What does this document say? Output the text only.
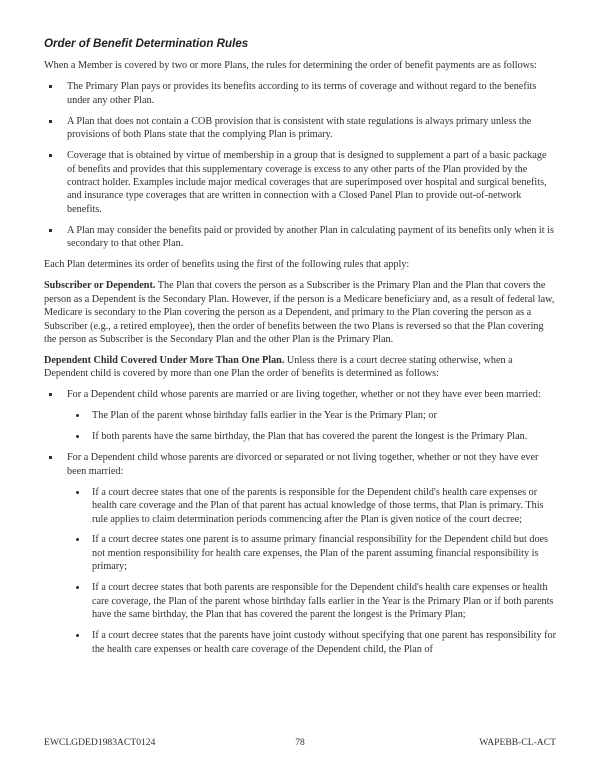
Order of Benefit Determination Rules

When a Member is covered by two or more Plans, the rules for determining the order of benefit payments are as follows:

▪ The Primary Plan pays or provides its benefits according to its terms of coverage and without regard to the benefits under any other Plan.
▪ A Plan that does not contain a COB provision that is consistent with state regulations is always primary unless the provisions of both Plans state that the complying Plan is primary.
▪ Coverage that is obtained by virtue of membership in a group that is designed to supplement a part of a basic package of benefits and provides that this supplementary coverage is excess to any other parts of the Plan provided by the contract holder. Examples include major medical coverages that are superimposed over hospital and surgical benefits, and insurance type coverages that are written in connection with a Closed Panel Plan to provide out-of-network benefits.
▪ A Plan may consider the benefits paid or provided by another Plan in calculating payment of its benefits only when it is secondary to that other Plan.

Each Plan determines its order of benefits using the first of the following rules that apply:

Subscriber or Dependent. The Plan that covers the person as a Subscriber is the Primary Plan and the Plan that covers the person as a Dependent is the Secondary Plan. However, if the person is a Medicare beneficiary and, as a result of federal law, Medicare is secondary to the Plan covering the person as a Dependent, and primary to the Plan covering the person as a Subscriber (e.g., a retired employee), then the order of benefits between the two Plans is reversed so that the Plan covering the person as Subscriber is the Secondary Plan and the other Plan is the Primary Plan.

Dependent Child Covered Under More Than One Plan. Unless there is a court decree stating otherwise, when a Dependent child is covered by more than one Plan the order of benefits is determined as follows:

▪ For a Dependent child whose parents are married or are living together, whether or not they have ever been married:
• The Plan of the parent whose birthday falls earlier in the Year is the Primary Plan; or
• If both parents have the same birthday, the Plan that has covered the parent the longest is the Primary Plan.
▪ For a Dependent child whose parents are divorced or separated or not living together, whether or not they have ever been married:
• If a court decree states that one of the parents is responsible for the Dependent child's health care expenses or health care coverage and the Plan of that parent has actual knowledge of those terms, that Plan is primary. This rule applies to claim determination periods commencing after the Plan is given notice of the court decree;
• If a court decree states one parent is to assume primary financial responsibility for the Dependent child but does not mention responsibility for health care expenses, the Plan of the parent assuming financial responsibility is primary;
• If a court decree states that both parents are responsible for the Dependent child's health care expenses or health care coverage, the Plan of the parent whose birthday falls earlier in the Year is the Primary Plan or if both parents have the same birthday, the Plan that has covered the parent the longest is the Primary Plan;
• If a court decree states that the parents have joint custody without specifying that one parent has responsibility for the health care expenses or health care coverage of the Dependent child, the Plan of
EWCLGDED1983ACT0124	78	WAPEBB-CL-ACT
